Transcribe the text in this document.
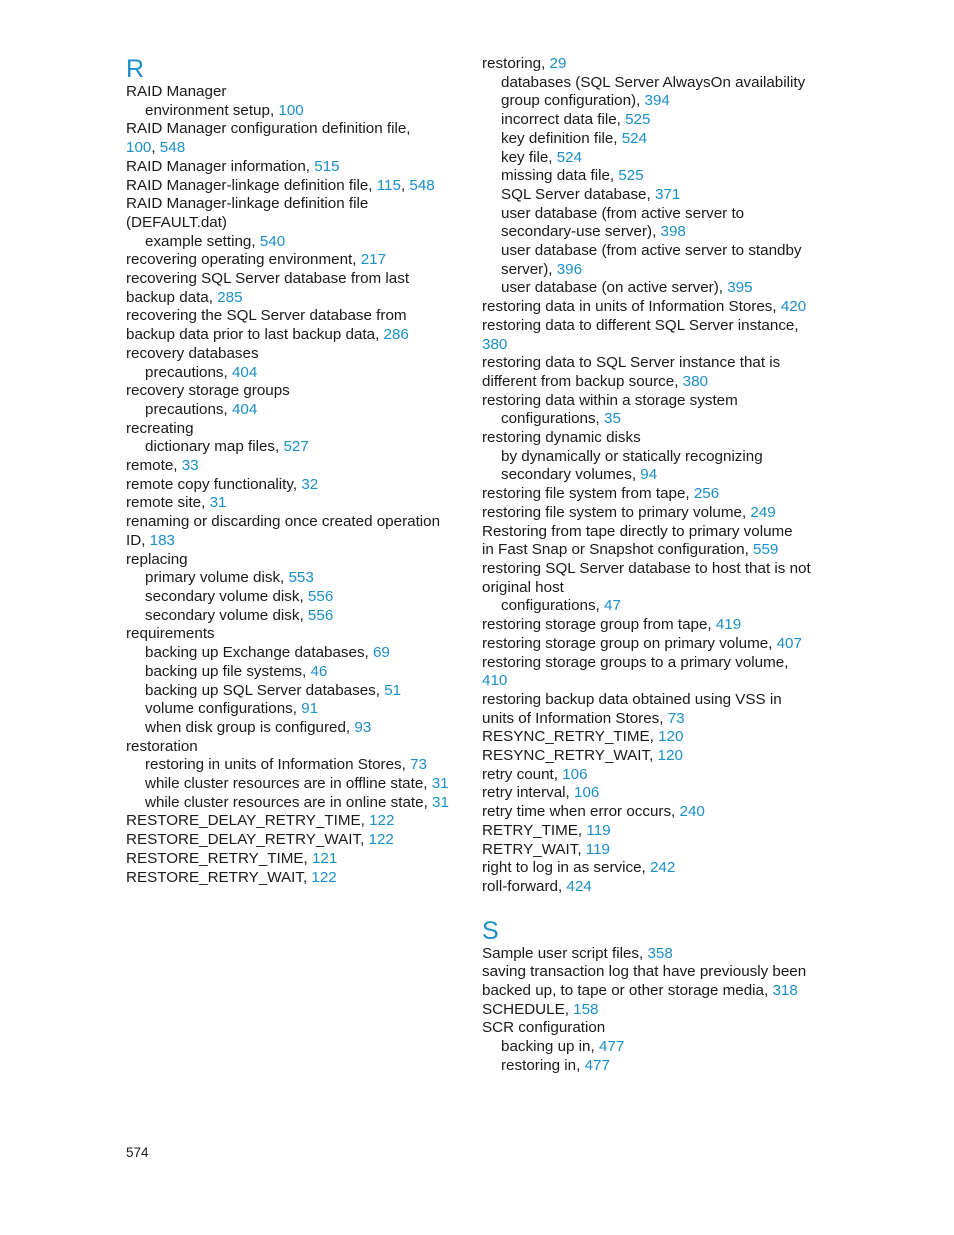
R
RAID Manager
environment setup, 100
RAID Manager configuration definition file,
100, 548
RAID Manager information, 515
RAID Manager-linkage definition file, 115, 548
RAID Manager-linkage definition file
(DEFAULT.dat)
example setting, 540
recovering operating environment, 217
recovering SQL Server database from last
backup data, 285
recovering the SQL Server database from
backup data prior to last backup data, 286
recovery databases
precautions, 404
recovery storage groups
precautions, 404
recreating
dictionary map files, 527
remote, 33
remote copy functionality, 32
remote site, 31
renaming or discarding once created operation
ID, 183
replacing
primary volume disk, 553
secondary volume disk, 556
secondary volume disk, 556
requirements
backing up Exchange databases, 69
backing up file systems, 46
backing up SQL Server databases, 51
volume configurations, 91
when disk group is configured, 93
restoration
restoring in units of Information Stores, 73
while cluster resources are in offline state, 31
while cluster resources are in online state, 31
RESTORE_DELAY_RETRY_TIME, 122
RESTORE_DELAY_RETRY_WAIT, 122
RESTORE_RETRY_TIME, 121
RESTORE_RETRY_WAIT, 122
restoring, 29
databases (SQL Server AlwaysOn availability
group configuration), 394
incorrect data file, 525
key definition file, 524
key file, 524
missing data file, 525
SQL Server database, 371
user database (from active server to
secondary-use server), 398
user database (from active server to standby
server), 396
user database (on active server), 395
restoring data in units of Information Stores, 420
restoring data to different SQL Server instance,
380
restoring data to SQL Server instance that is
different from backup source, 380
restoring data within a storage system
configurations, 35
restoring dynamic disks
by dynamically or statically recognizing
secondary volumes, 94
restoring file system from tape, 256
restoring file system to primary volume, 249
Restoring from tape directly to primary volume
in Fast Snap or Snapshot configuration, 559
restoring SQL Server database to host that is not
original host
configurations, 47
restoring storage group from tape, 419
restoring storage group on primary volume, 407
restoring storage groups to a primary volume,
410
restoring backup data obtained using VSS in
units of Information Stores, 73
RESYNC_RETRY_TIME, 120
RESYNC_RETRY_WAIT, 120
retry count, 106
retry interval, 106
retry time when error occurs, 240
RETRY_TIME, 119
RETRY_WAIT, 119
right to log in as service, 242
roll-forward, 424
S
Sample user script files, 358
saving transaction log that have previously been
backed up, to tape or other storage media, 318
SCHEDULE, 158
SCR configuration
backing up in, 477
restoring in, 477
574
